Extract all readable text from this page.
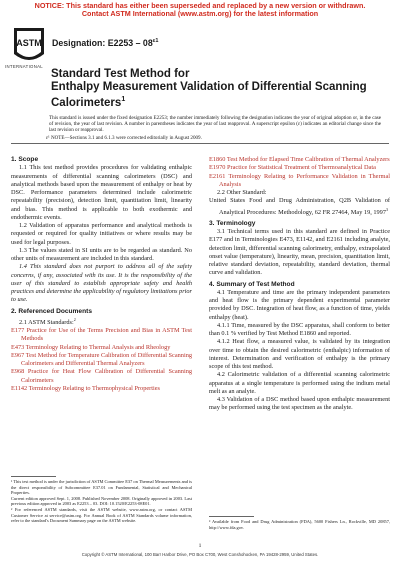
NOTICE: This standard has either been superseded and replaced by a new version or withdrawn.
Contact ASTM International (www.astm.org) for the latest information
ASTM
INTERNATIONAL
Designation: $E2253 - 08^{\varepsilon 1}$
Standard Test Method for
Enthalpy Measurement Validation of Differential Scanning
Calorimeters$^1$
This standard is issued under the fixed designation E2253; the number immediately following the designation indicates the year of original adoption or, in the case of revision, the year of last revision. A number in parentheses indicates the year of last reapproval. A superscript epsilon (ε) indicates an editorial change since the last revision or reapproval.
ε¹ NOTE—Sections 3.1 and 6.1.3 were corrected editorially in August 2009.

1. Scope

1.1 This test method provides procedures for validating enthalpic measurements of differential scanning calorimeters (DSC) and analytical methods based upon the measurement of enthalpy or heat by DSC. Performance parameters determined include calorimetric repeatability (precision), detection limit, quantitation limit, linearity and bias. This method is applicable to both exothermic and endothermic events.

1.2 Validation of apparatus performance and analytical methods is requested or required for quality initiatives or where results may be used for legal purposes.

1.3 The values stated in SI units are to be regarded as standard. No other units of measurement are included in this standard.

1.4 This standard does not purport to address all of the safety concerns, if any, associated with its use. It is the responsibility of the user of this standard to establish appropriate safety and health practices and determine the applicability of regulatory limitations prior to use.

2. Referenced Documents

2.1 ASTM Standards:$^2$

E177 Practice for Use of the Terms Precision and Bias in ASTM Test Methods

E473 Terminology Relating to Thermal Analysis and Rheology

E967 Test Method for Temperature Calibration of Differential Scanning Calorimeters and Differential Thermal Analyzers

E968 Practice for Heat Flow Calibration of Differential Scanning Calorimeters

E1142 Terminology Relating to Thermophysical Properties

¹ This test method is under the jurisdiction of ASTM Committee E37 on Thermal Measurements and is the direct responsibility of Subcommittee E37.01 on Fundamental, Statistical and Mechanical Properties.
Current edition approved Sept. 1, 2008. Published November 2008. Originally approved in 2003. Last previous edition approved in 2003 as E2253 – 03. DOI: 10.1520/E2253-08E01.
² For referenced ASTM standards, visit the ASTM website, www.astm.org, or contact ASTM Customer Service at service@astm.org. For Annual Book of ASTM Standards volume information, refer to the standard's Document Summary page on the ASTM website.

E1860 Test Method for Elapsed Time Calibration of Thermal Analyzers

E1970 Practice for Statistical Treatment of Thermoanalytical Data

E2161 Terminology Relating to Performance Validation in Thermal Analysis

2.2 Other Standard:

United States Food and Drug Administration, Q2B Validation of Analytical Procedures: Methodology, 62 FR 27464, May 19, 1997$^3$

3. Terminology

3.1 Technical terms used in this standard are defined in Practice E177 and in Terminologies E473, E1142, and E2161 including analyte, detection limit, differential scanning calorimetry, enthalpy, extrapolated onset value (temperature), linearity, mean, precision, quantitation limit, relative standard deviation, repeatability, standard deviation, thermal curve and validation.

4. Summary of Test Method

4.1 Temperature and time are the primary independent parameters and heat flow is the primary dependent experimental parameter provided by DSC. Integration of heat flow, as a function of time, yields enthalpy (heat).

4.1.1 Time, measured by the DSC apparatus, shall conform to better than 0.1 % verified by Test Method E1860 and reported.

4.1.2 Heat flow, a measured value, is validated by its integration over time to obtain the desired calorimetric (enthalpic) information of interest. Determination and verification of enthalpy is the primary scope of this test method.

4.2 Calorimetric validation of a differential scanning calorimetric apparatus at a single temperature is performed using the indium metal melt as an analyte.

4.3 Validation of a DSC method based upon enthalpic measurement may be performed using the test specimen as the analyte.

³ Available from Food and Drug Administration (FDA), 5600 Fishers Ln., Rockville, MD 20857, http://www.fda.gov.
1
Copyright © ASTM International, 100 Barr Harbor Drive, PO Box C700, West Conshohocken, PA 19428-2959, United States.
